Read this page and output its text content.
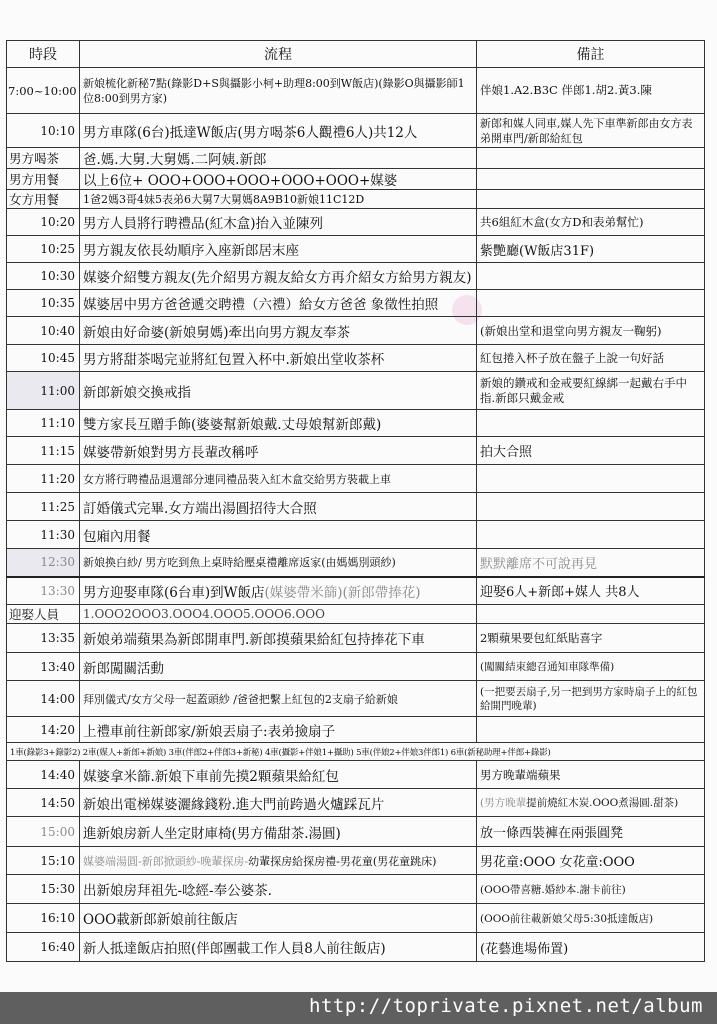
時段	流程	備註
7:00~10:00	新娘梳化新秘7點(錄影D+S與攝影小柯+助理8:00到W飯店)(錄影O與攝影師1位8:00到男方家)	伴娘1.A2.B3C 伴郎1.胡2.黃3.陳
10:10	男方車隊(6台)抵達W飯店(男方喝茶6人觀禮6人)共12人	新郎和媒人同車,媒人先下車準新郎由女方表弟開車門/新郎給紅包
男方喝茶	爸.媽.大舅.大舅媽.二阿姨.新郎	
男方用餐	以上6位+ OOO+OOO+OOO+OOO+OOO+媒婆	
女方用餐	1爸2媽3哥4妹5表弟6大舅7大舅媽8A9B10新娘11C12D	
10:20	男方人員將行聘禮品(紅木盒)抬入並陳列	共6組紅木盒(女方D和表弟幫忙)
10:25	男方親友依長幼順序入座新郎居末座	紫艷廳(W飯店31F)
10:30	媒婆介紹雙方親友(先介紹男方親友給女方再介紹女方給男方親友)	
10:35	媒婆居中男方爸爸遞交聘禮（六禮）給女方爸爸 象徵性拍照	
10:40	新娘由好命婆(新娘舅媽)牽出向男方親友奉茶	(新娘出堂和退堂向男方親友一鞠躬)
10:45	男方將甜茶喝完並將紅包置入杯中.新娘出堂收茶杯	紅包捲入杯子放在盤子上說一句好話
11:00	新郎新娘交換戒指	新娘的鑽戒和金戒要紅線綁一起戴右手中指.新郎只戴金戒
11:10	雙方家長互贈手飾(婆婆幫新娘戴.丈母娘幫新郎戴)	
11:15	媒婆帶新娘對男方長輩改稱呼	拍大合照
11:20	女方將行聘禮品退還部分連同禮品裝入紅木盒交給男方裝載上車	
11:25	訂婚儀式完畢.女方端出湯圓招待大合照	
11:30	包廂內用餐	
12:30	新娘換白紗/ 男方吃到魚上桌時給壓桌禮離席返家(由媽媽別頭紗)	默默離席不可說再見
13:30	男方迎娶車隊(6台車)到W飯店(媒婆帶米篩)(新郎帶捧花)	迎娶6人+新郎+媒人 共8人
迎娶人員	1.OOO2OOO3.OOO4.OOO5.OOO6.OOO	
13:35	新娘弟端蘋果為新郎開車門.新郎摸蘋果給紅包持捧花下車	2顆蘋果要包紅紙貼喜字
13:40	新郎闖關活動	(闖關結束總召通知車隊準備)
14:00	拜別儀式/女方父母一起蓋頭紗 /爸爸把繫上紅包的2支扇子給新娘	(一把要丟扇子,另一把到男方家時扇子上的紅包給開門晚輩)
14:20	上禮車前往新郎家/新娘丟扇子:表弟撿扇子	
1車(錄影3+錄影2) 2車(媒人+新郎+新娘) 3車(伴郎2+伴郎3+新秘) 4車(攝影+伴娘1+攝助) 5車(伴娘2+伴娘3伴郎1) 6車(新秘助理+伴郎+錄影)		
14:40	媒婆拿米篩.新娘下車前先摸2顆蘋果給紅包	男方晚輩端蘋果
14:50	新娘出電梯媒婆灑緣錢粉.進大門前跨過火爐踩瓦片	(男方晚輩提前燒紅木炭.OOO煮湯圓.甜茶)
15:00	進新娘房新人坐定財庫椅(男方備甜茶.湯圓)	放一條西裝褲在兩張圓凳
15:10	媒婆端湯圓-新郎掀頭紗-晚輩探房-幼輩探房給探房禮-男花童(男花童跳床)	男花童:OOO 女花童:OOO
15:30	出新娘房拜祖先-唸經-奉公婆茶.	(OOO帶喜糖.婚紗本.謝卡前往)
16:10	OOO載新郎新娘前往飯店	(OOO前往載新娘父母5:30抵達飯店)
16:40	新人抵達飯店拍照(伴郎團載工作人員8人前往飯店)	(花藝進場佈置)
http://toprivate.pixnet.net/album
